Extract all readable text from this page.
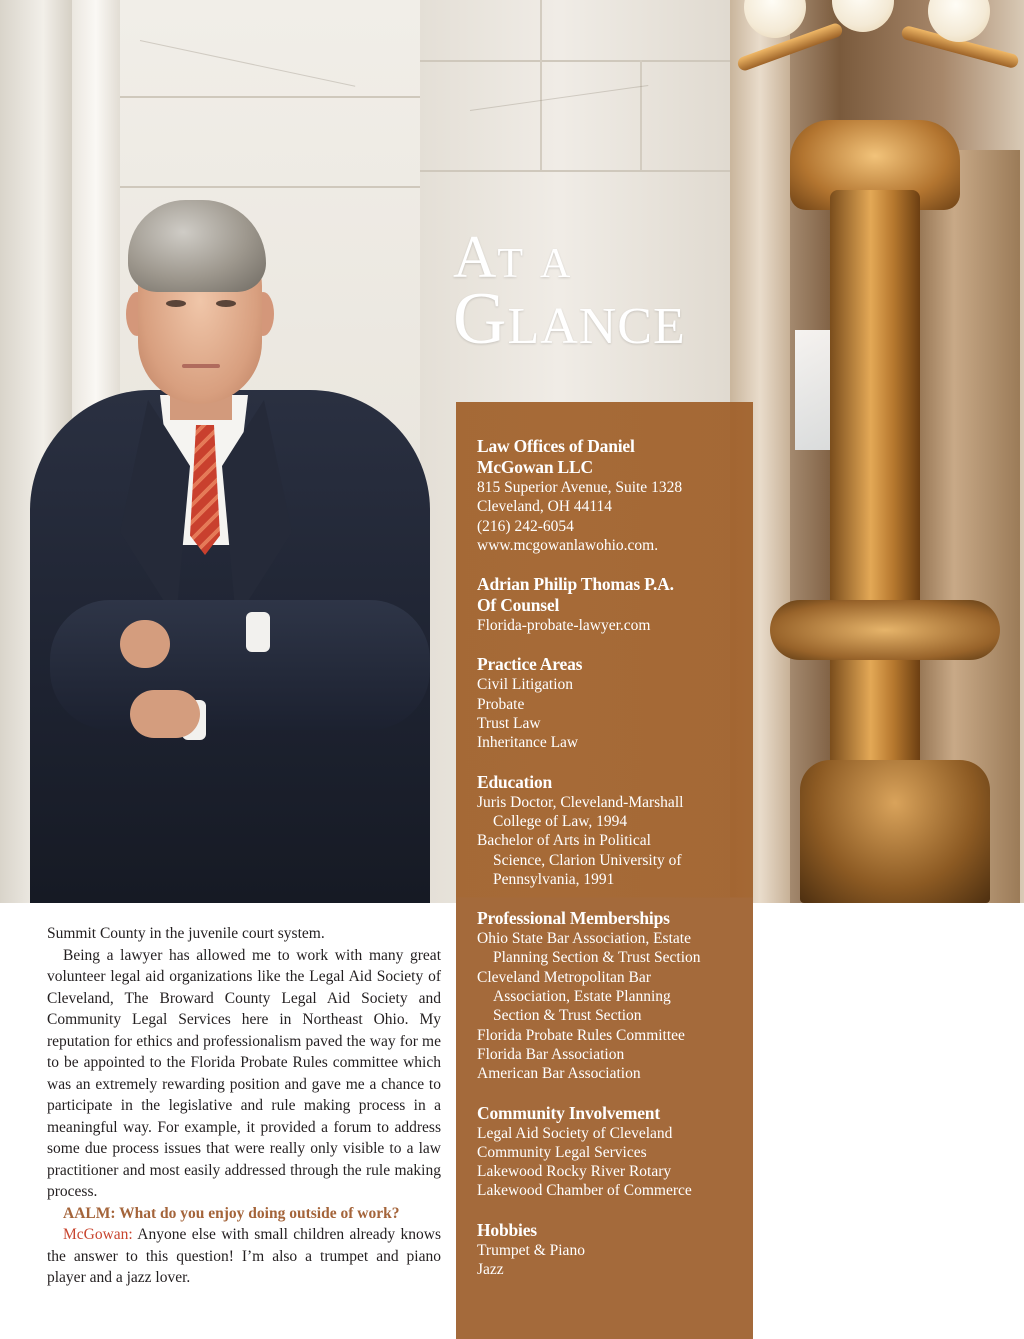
At a
Glance
Law Offices of Daniel McGowan LLC
815 Superior Avenue, Suite 1328
Cleveland, OH 44114
(216) 242-6054
www.mcgowanlawohio.com.
Adrian Philip Thomas P.A. Of Counsel
Florida-probate-lawyer.com
Practice Areas
Civil Litigation
Probate
Trust Law
Inheritance Law
Education
Juris Doctor, Cleveland-Marshall
College of Law, 1994
Bachelor of Arts in Political
Science, Clarion University of
Pennsylvania, 1991
Professional Memberships
Ohio State Bar Association, Estate
Planning Section & Trust Section
Cleveland Metropolitan Bar
Association, Estate Planning
Section & Trust Section
Florida Probate Rules Committee
Florida Bar Association
American Bar Association
Community Involvement
Legal Aid Society of Cleveland
Community Legal Services
Lakewood Rocky River Rotary
Lakewood Chamber of Commerce
Hobbies
Trumpet & Piano
Jazz

Summit County in the juvenile court system.

Being a lawyer has allowed me to work with many great volunteer legal aid organizations like the Legal Aid Society of Cleveland, The Broward County Legal Aid Society and Community Legal Services here in Northeast Ohio. My reputation for ethics and professionalism paved the way for me to be appointed to the Florida Probate Rules committee which was an extremely rewarding position and gave me a chance to participate in the legislative and rule making process in a meaningful way. For example, it provided a forum to address some due process issues that were really only visible to a law practitioner and most easily addressed through the rule making process.

AALM: What do you enjoy doing outside of work?

McGowan: Anyone else with small children already knows the answer to this question! I’m also a trumpet and piano player and a jazz lover.
